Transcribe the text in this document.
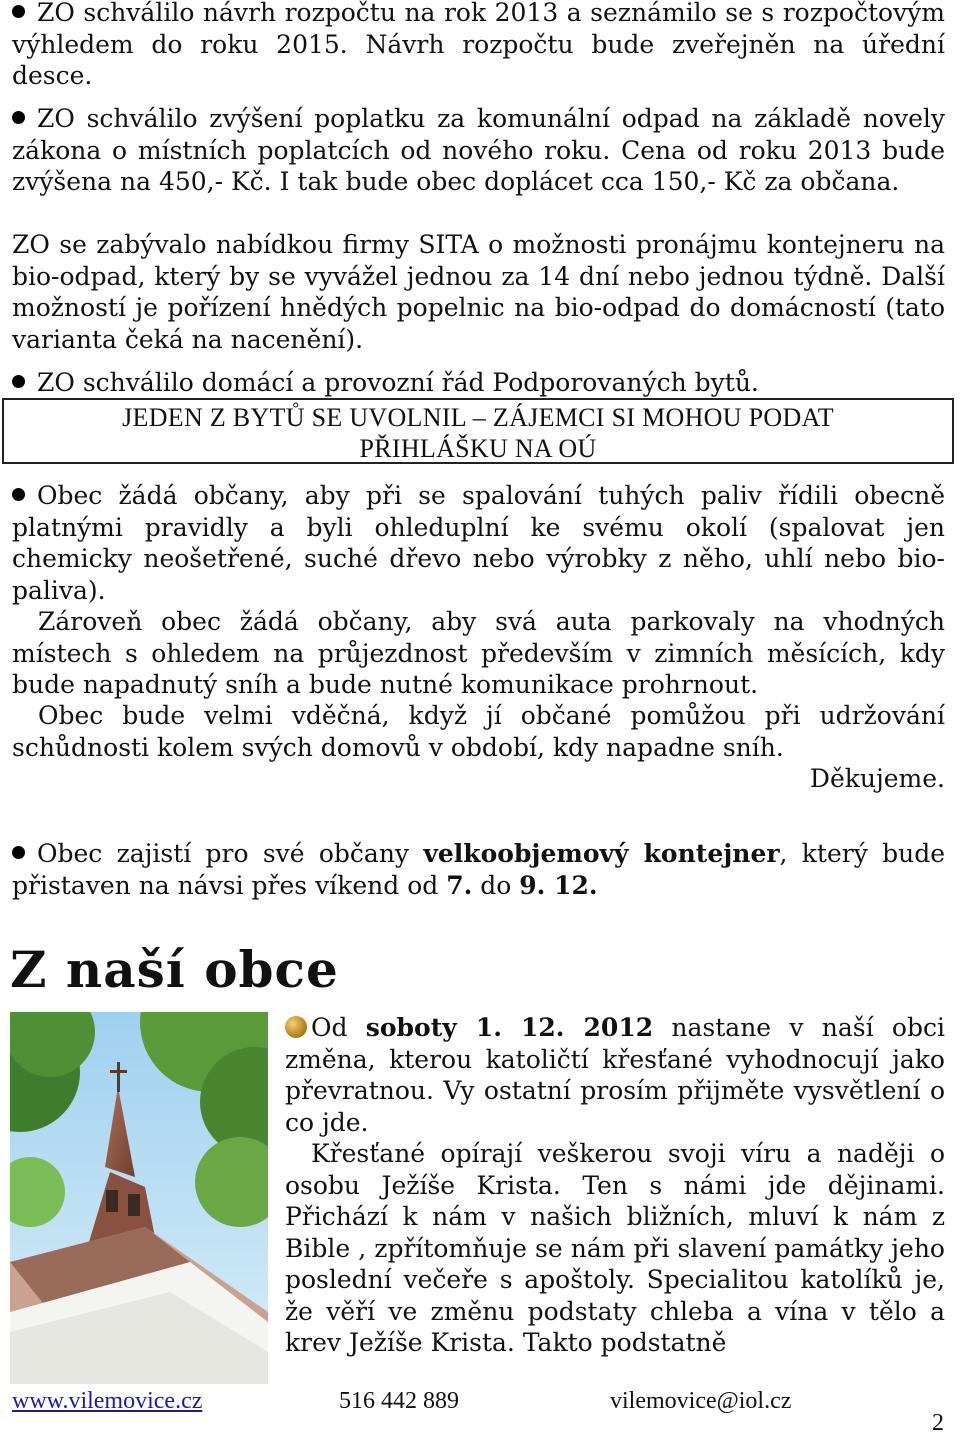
ZO schválilo návrh rozpočtu na rok 2013 a seznámilo se s rozpočtovým výhledem do roku 2015. Návrh rozpočtu bude zveřejněn na úřední desce.

ZO schválilo zvýšení poplatku za komunální odpad na základě novely zákona o místních poplatcích od nového roku. Cena od roku 2013 bude zvýšena na 450,- Kč. I tak bude obec doplácet cca 150,- Kč za občana.

ZO se zabývalo nabídkou firmy SITA o možnosti pronájmu kontejneru na bio-odpad, který by se vyvážel jednou za 14 dní nebo jednou týdně. Další možností je pořízení hnědých popelnic na bio-odpad do domácností (tato varianta čeká na nacenění).

ZO schválilo domácí a provozní řád Podporovaných bytů.

JEDEN Z BYTŮ SE UVOLNIL – ZÁJEMCI SI MOHOU PODAT
PŘIHLÁŠKU NA OÚ

Obec žádá občany, aby při se spalování tuhých paliv řídili obecně platnými pravidly a byli ohleduplní ke svému okolí (spalovat jen chemicky neošetřené, suché dřevo nebo výrobky z něho, uhlí nebo bio-paliva).

Zároveň obec žádá občany, aby svá auta parkovaly na vhodných místech s ohledem na průjezdnost především v zimních měsících, kdy bude napadnutý sníh a bude nutné komunikace prohrnout.

Obec bude velmi vděčná, když jí občané pomůžou při udržování schůdnosti kolem svých domovů v období, kdy napadne sníh.

Děkujeme.

Obec zajistí pro své občany velkoobjemový kontejner, který bude přistaven na návsi přes víkend od 7. do 9. 12.

Z naší obce

Od soboty 1. 12. 2012 nastane v naší obci změna, kterou katoličtí křesťané vyhodnocují jako převratnou. Vy ostatní prosím přijměte vysvětlení o co jde.

Křesťané opírají veškerou svoji víru a naději o osobu Ježíše Krista. Ten s námi jde dějinami. Přichází k nám v našich bližních, mluví k nám z Bible , zpřítomňuje se nám při slavení památky jeho poslední večeře s apoštoly. Specialitou katolíků je, že věří ve změnu podstaty chleba a vína v tělo a krev Ježíše Krista. Takto podstatně

www.vilemovice.cz	516 442 889	vilemovice@iol.cz
2
